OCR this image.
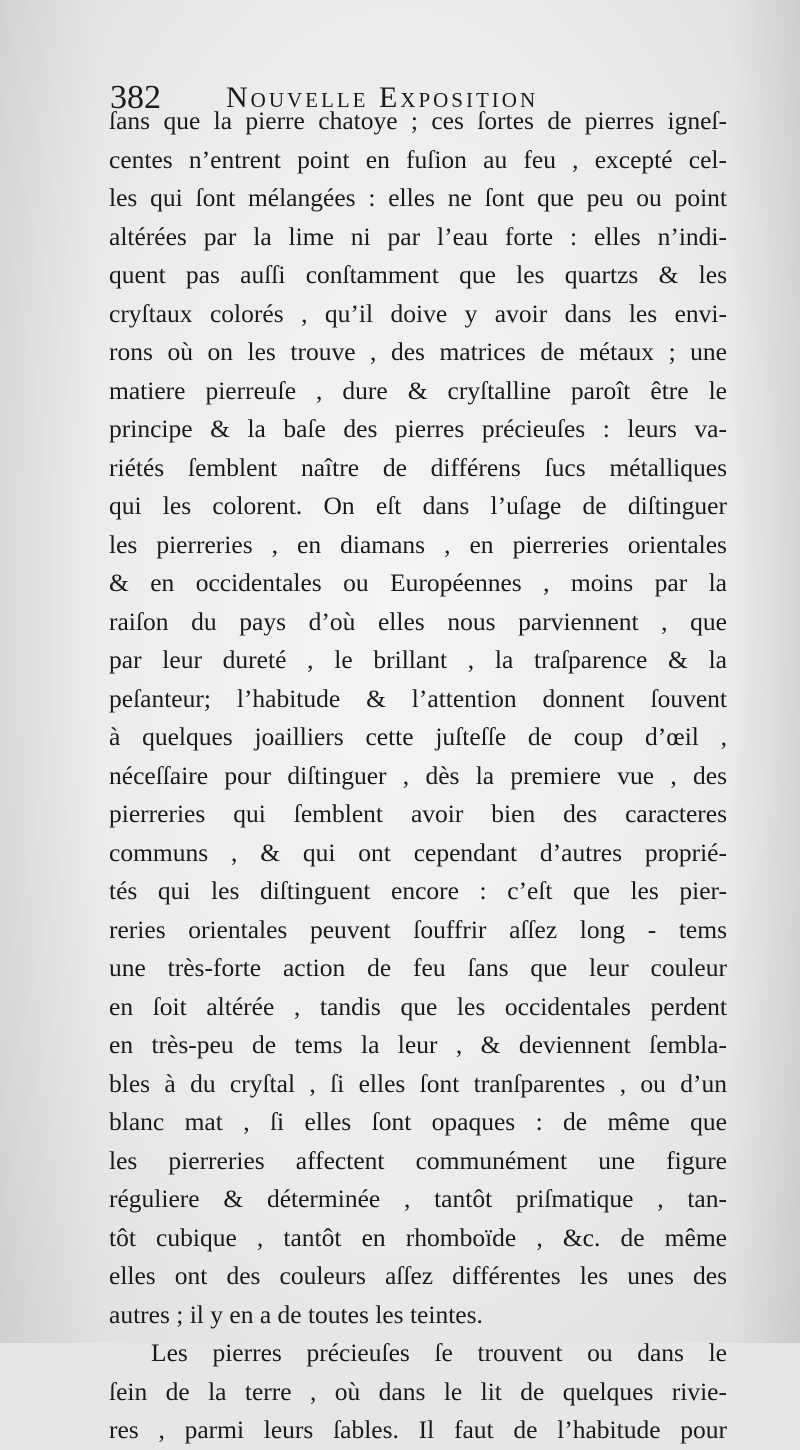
382 Nouvelle Exposition
ſans que la pierre chatoye ; ces ſortes de pierres igneſ-
centes n’entrent point en fuſion au feu , excepté cel-
les qui ſont mélangées : elles ne ſont que peu ou point
altérées par la lime ni par l’eau forte : elles n’indi-
quent pas auſſi conſtamment que les quartzs & les
cryſtaux colorés , qu’il doive y avoir dans les envi-
rons où on les trouve , des matrices de métaux ; une
matiere pierreuſe , dure & cryſtalline paroît être le
principe & la baſe des pierres précieuſes : leurs va-
riétés ſemblent naître de différens ſucs métalliques
qui les colorent. On eſt dans l’uſage de diſtinguer
les pierreries , en diamans , en pierreries orientales
& en occidentales ou Européennes , moins par la
raiſon du pays d’où elles nous parviennent , que
par leur dureté , le brillant , la traſparence & la
peſanteur; l’habitude & l’attention donnent ſouvent
à quelques joailliers cette juſteſſe de coup d’œil ,
néceſſaire pour diſtinguer , dès la premiere vue , des
pierreries qui ſemblent avoir bien des caracteres
communs , & qui ont cependant d’autres proprié-
tés qui les diſtinguent encore : c’eſt que les pier-
reries orientales peuvent ſouffrir aſſez long - tems
une très-forte action de feu ſans que leur couleur
en ſoit altérée , tandis que les occidentales perdent
en très-peu de tems la leur , & deviennent ſembla-
bles à du cryſtal , ſi elles ſont tranſparentes , ou d’un
blanc mat , ſi elles ſont opaques : de même que
les pierreries affectent communément une figure
réguliere & déterminée , tantôt priſmatique , tan-
tôt cubique , tantôt en rhomboïde , &c. de même
elles ont des couleurs aſſez différentes les unes des
autres ; il y en a de toutes les teintes.
Les pierres précieuſes ſe trouvent ou dans le
ſein de la terre , où dans le lit de quelques rivie-
res , parmi leurs ſables. Il faut de l’habitude pour
